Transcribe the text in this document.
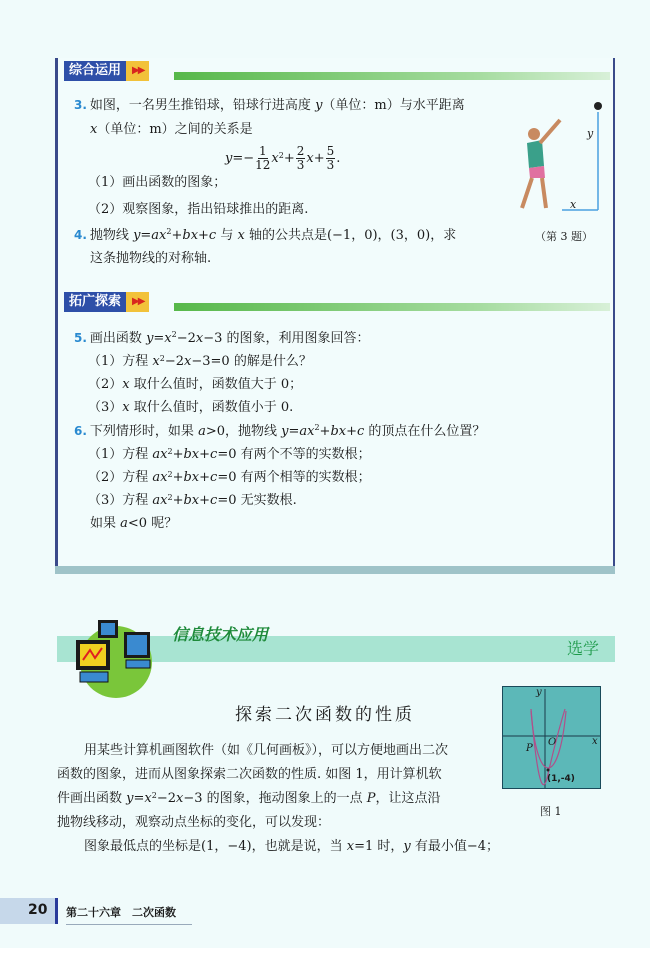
综合运用	▶▶
3. 如图，一名男生推铅球，铅球行进高度 y（单位：m）与水平距离
x（单位：m）之间的关系是
$y=- \frac{1}{12} x^2+ \frac{2}{3} x+ \frac{5}{3}$ .
（1）画出函数的图象；
（2）观察图象，指出铅球推出的距离.
4. 抛物线 $y=ax^2+bx+c$ 与 x 轴的公共点是(−1，0)，(3，0)，求
这条抛物线的对称轴.
y
x
（第 3 题）
拓广探索	▶▶
5. 画出函数 $y=x^2-2x-3$ 的图象，利用图象回答：
（1）方程 $x^2-2x-3=0$ 的解是什么？
（2）x 取什么值时，函数值大于 0；
（3）x 取什么值时，函数值小于 0.
6. 下列情形时，如果 a>0，抛物线 $y=ax^2+bx+c$ 的顶点在什么位置？
（1）方程 $ax^2+bx+c=0$ 有两个不等的实数根；
（2）方程 $ax^2+bx+c=0$ 有两个相等的实数根；
（3）方程 $ax^2+bx+c=0$ 无实数根.
如果 a<0 呢？
信息技术应用
选学
探索二次函数的性质
用某些计算机画图软件（如《几何画板》），可以方便地画出二次
函数的图象，进而从图象探索二次函数的性质. 如图 1，用计算机软
件画出函数 $y=x^2-2x-3$ 的图象，拖动图象上的一点 P，让这点沿
抛物线移动，观察动点坐标的变化，可以发现：
图象最低点的坐标是(1，−4)，也就是说，当 x=1 时，y 有最小值−4；
y
x
O
P
(1,-4)
图 1
20 第二十六章　二次函数
